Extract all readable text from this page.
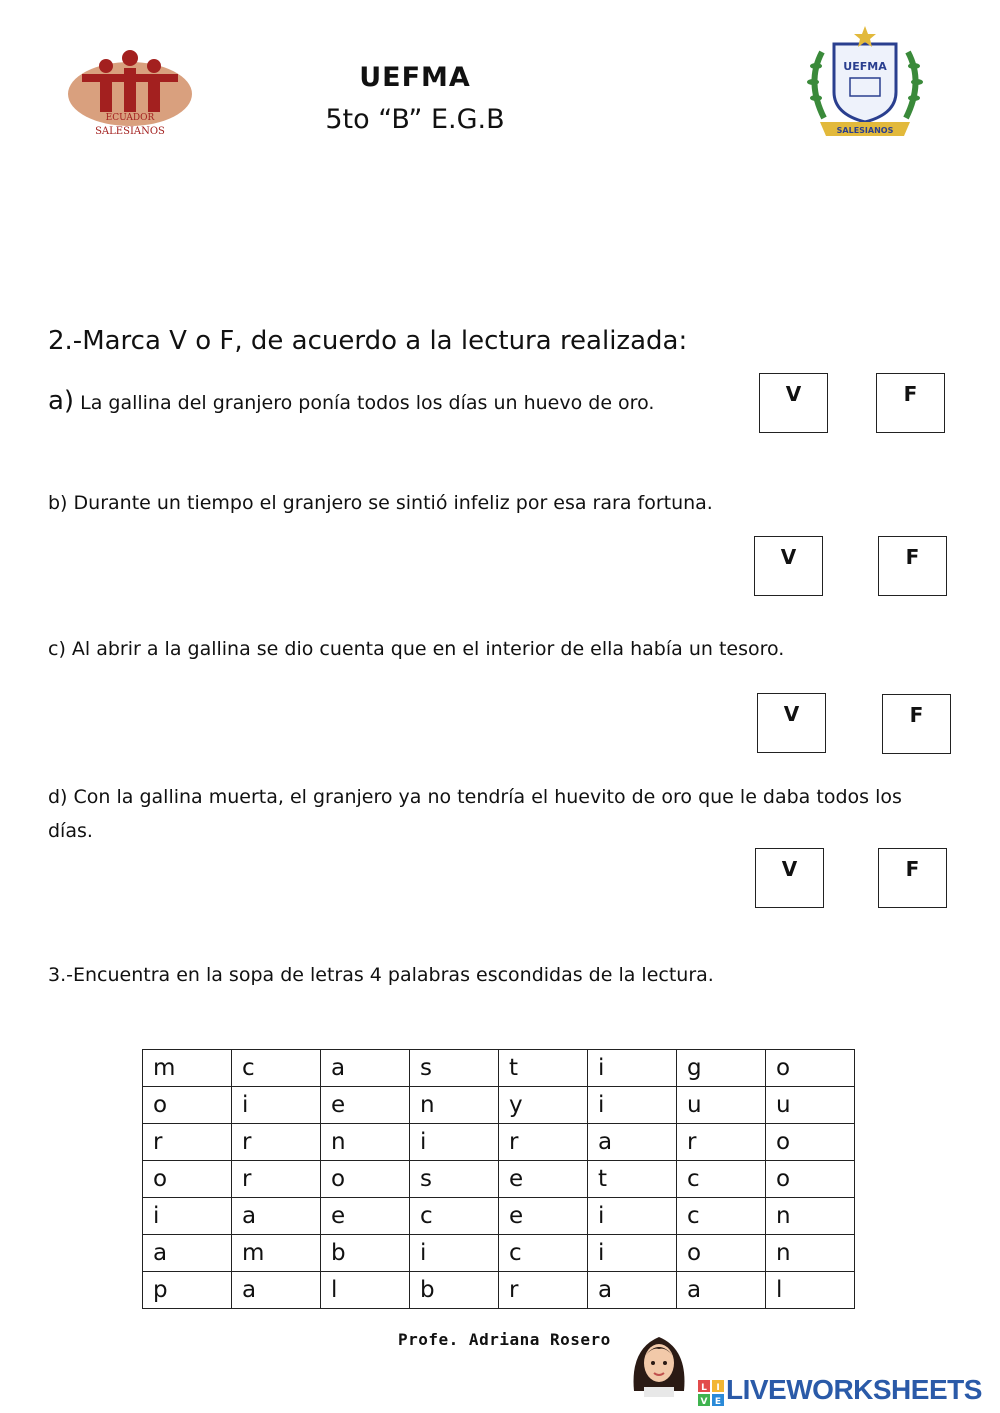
ECUADOR
SALESIANOS
UEFMA
5to “B” E.G.B
UEFMA
SALESIANOS
2.-Marca V o F, de acuerdo a la lectura realizada:
a) La gallina del granjero ponía todos los días un huevo de oro.	V	F
b) Durante un tiempo el granjero se sintió infeliz por esa rara fortuna.
V	F
c) Al abrir a la gallina se dio cuenta que en el interior de ella había un tesoro.
V	F
d) Con la gallina muerta, el granjero ya no tendría el huevito de oro que le daba todos los días.
V	F
3.-Encuentra en la sopa de letras 4 palabras escondidas de la lectura.
m	c	a	s	t	i	g	o
o	i	e	n	y	i	u	u
r	r	n	i	r	a	r	o
o	r	o	s	e	t	c	o
i	a	e	c	e	i	c	n
a	m	b	i	c	i	o	n
p	a	l	b	r	a	a	l
Profe. Adriana Rosero
L I
V E LIVEWORKSHEETS
